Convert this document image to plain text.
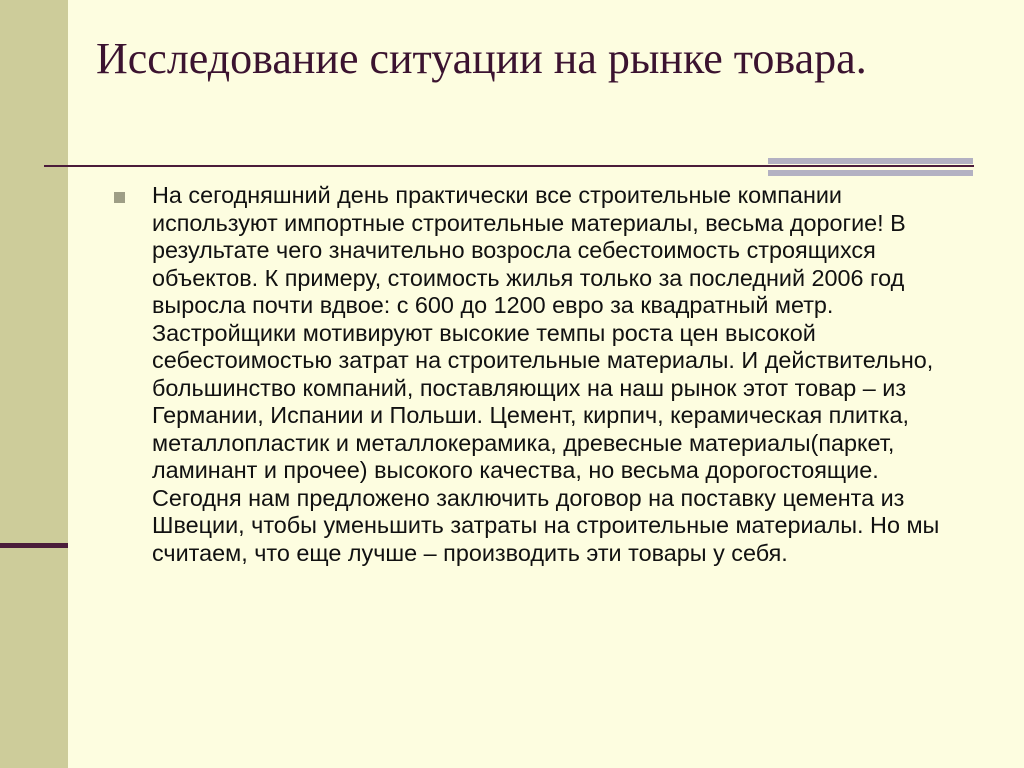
Исследование ситуации на рынке товара.
На сегодняшний день практически все строительные компании используют импортные строительные материалы, весьма дорогие! В результате чего значительно возросла себестоимость строящихся объектов. К примеру, стоимость жилья только за последний 2006 год выросла почти вдвое: с 600 до 1200 евро за квадратный метр. Застройщики мотивируют высокие темпы роста цен высокой себестоимостью затрат на строительные материалы. И действительно, большинство компаний, поставляющих на наш рынок этот товар – из Германии, Испании и Польши. Цемент, кирпич, керамическая плитка, металлопластик и металлокерамика, древесные материалы(паркет, ламинант и прочее) высокого качества, но весьма дорогостоящие. Сегодня нам предложено заключить договор на поставку цемента из Швеции, чтобы уменьшить затраты на строительные материалы. Но мы считаем, что еще лучше – производить эти товары у себя.
